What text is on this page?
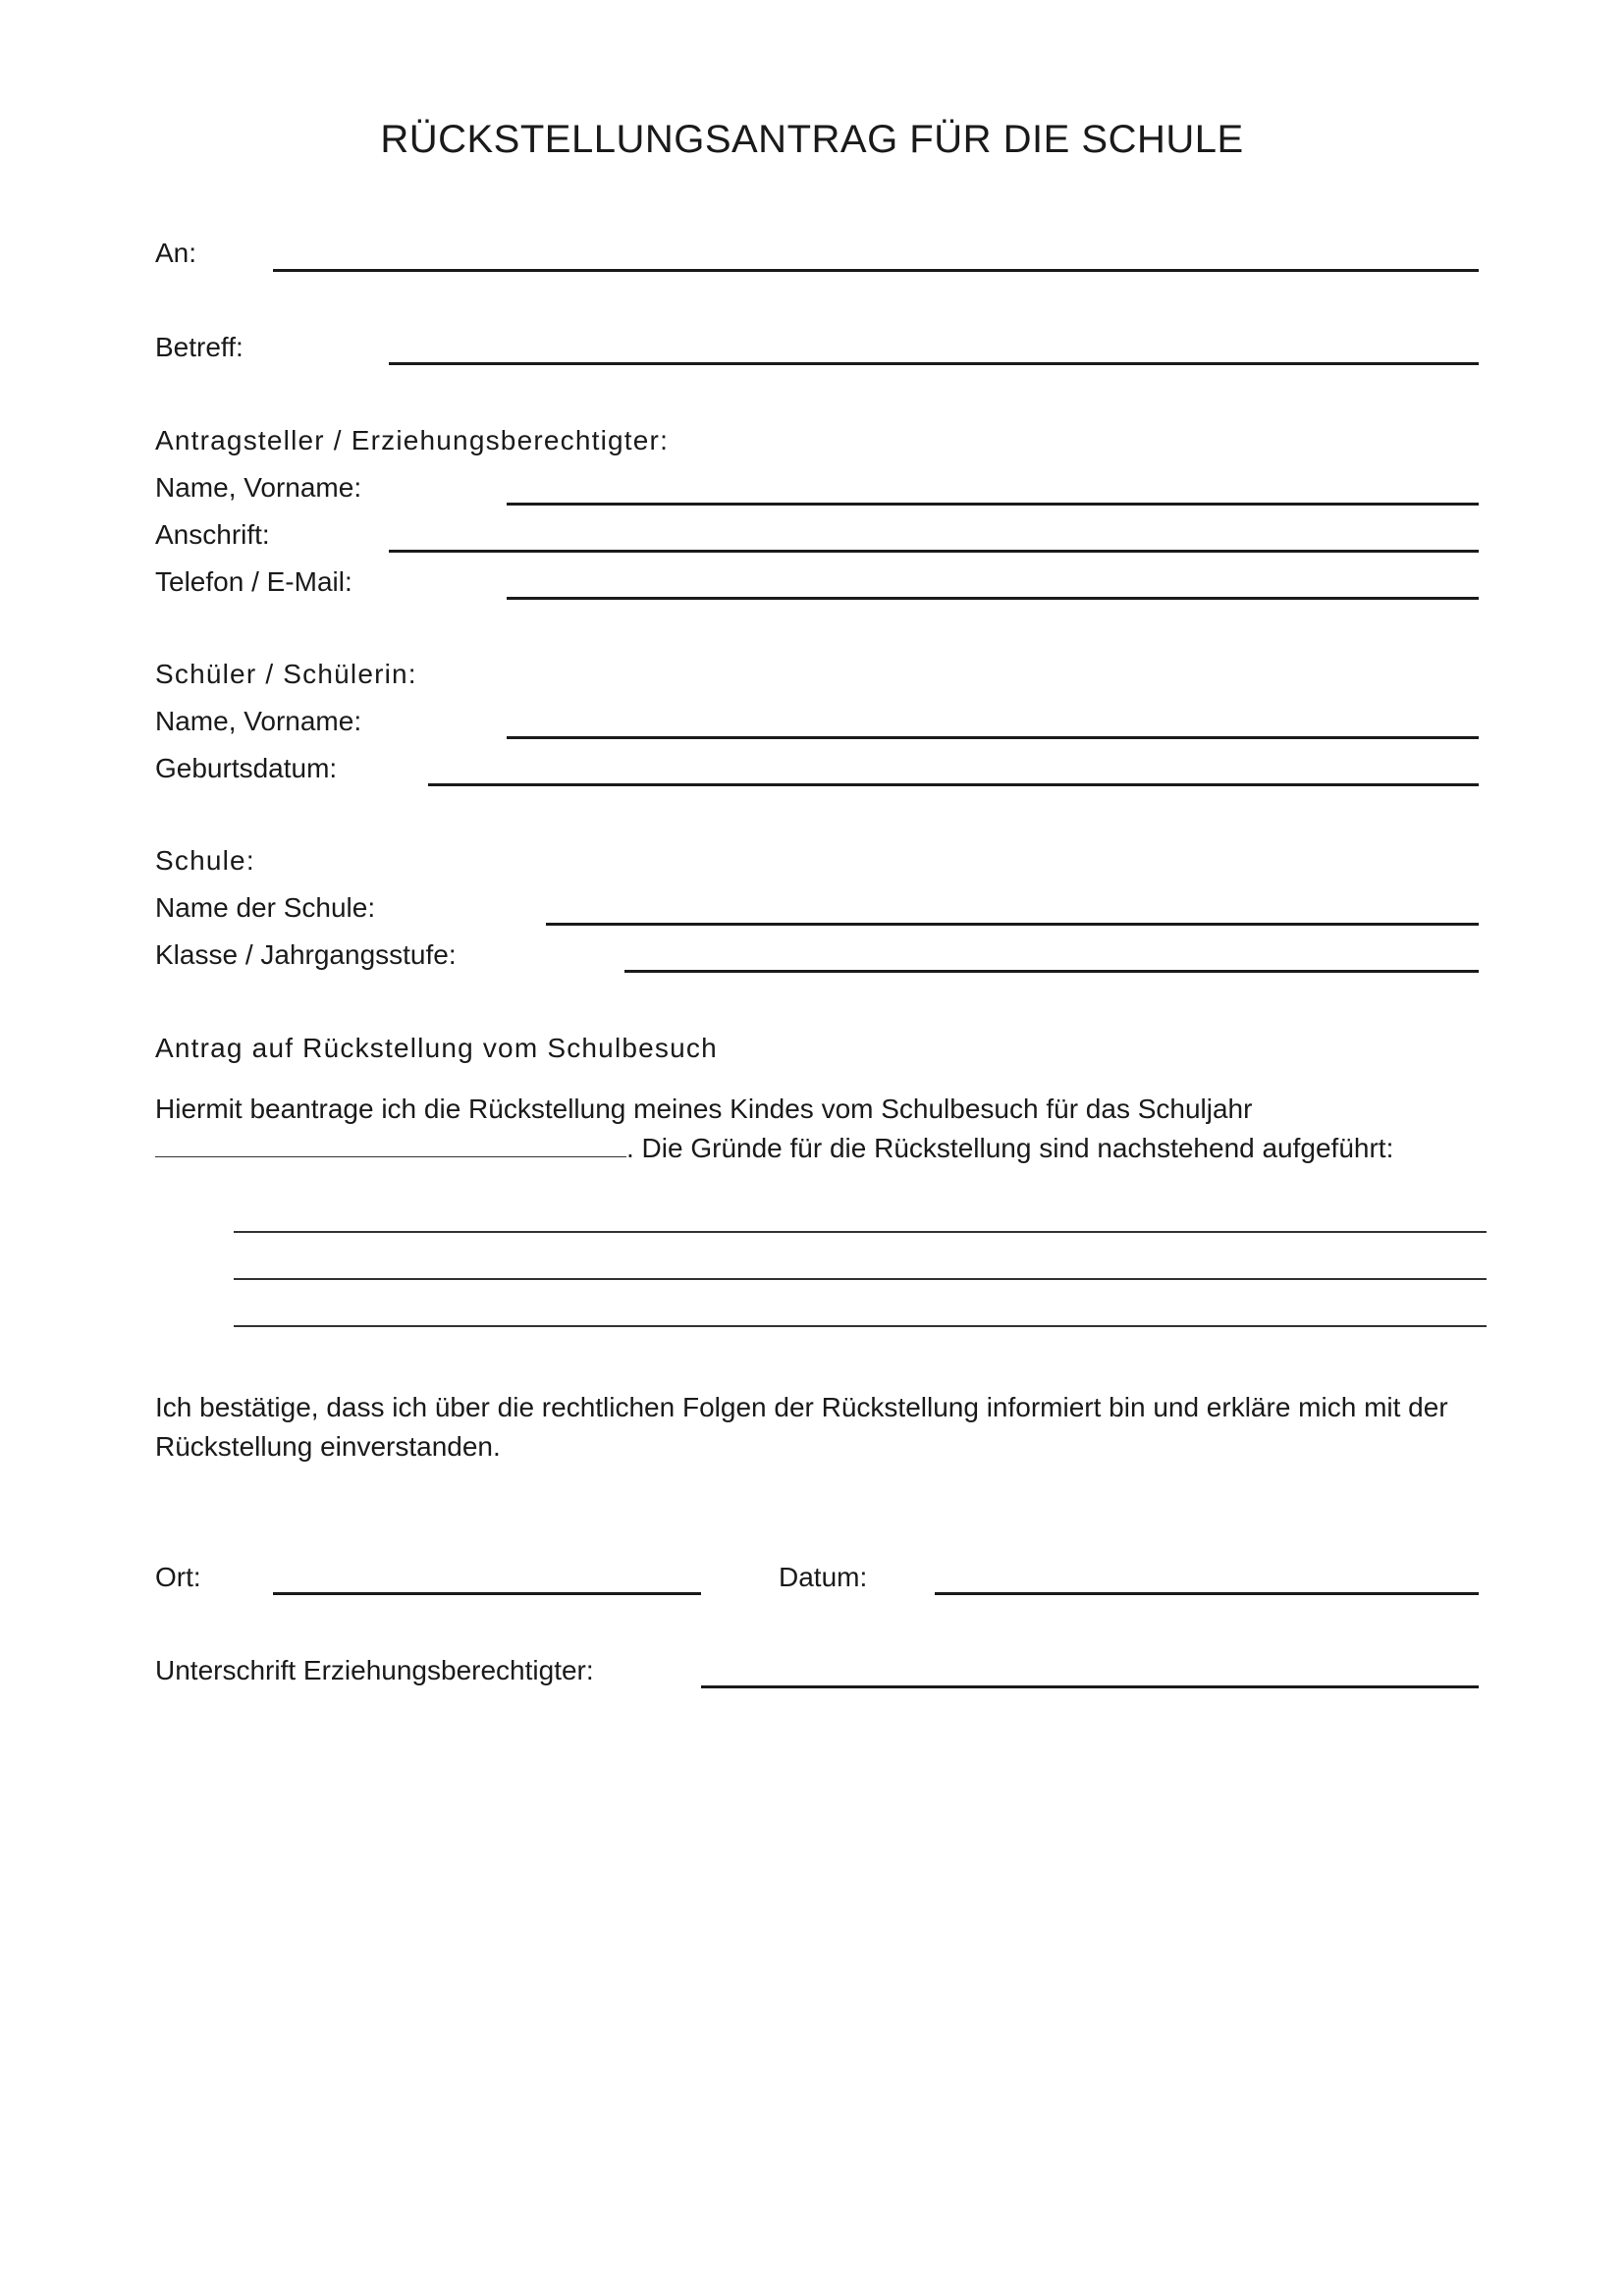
RÜCKSTELLUNGSANTRAG FÜR DIE SCHULE
An:
Betreff:
Antragsteller / Erziehungsberechtigter:
Name, Vorname:
Anschrift:
Telefon / E-Mail:
Schüler / Schülerin:
Name, Vorname:
Geburtsdatum:
Schule:
Name der Schule:
Klasse / Jahrgangsstufe:
Antrag auf Rückstellung vom Schulbesuch
Hiermit beantrage ich die Rückstellung meines Kindes vom Schulbesuch für das Schuljahr
. Die Gründe für die Rückstellung sind nachstehend aufgeführt:
Ich bestätige, dass ich über die rechtlichen Folgen der Rückstellung informiert bin und erkläre mich mit der
Rückstellung einverstanden.
Ort:	Datum:
Unterschrift Erziehungsberechtigter:
